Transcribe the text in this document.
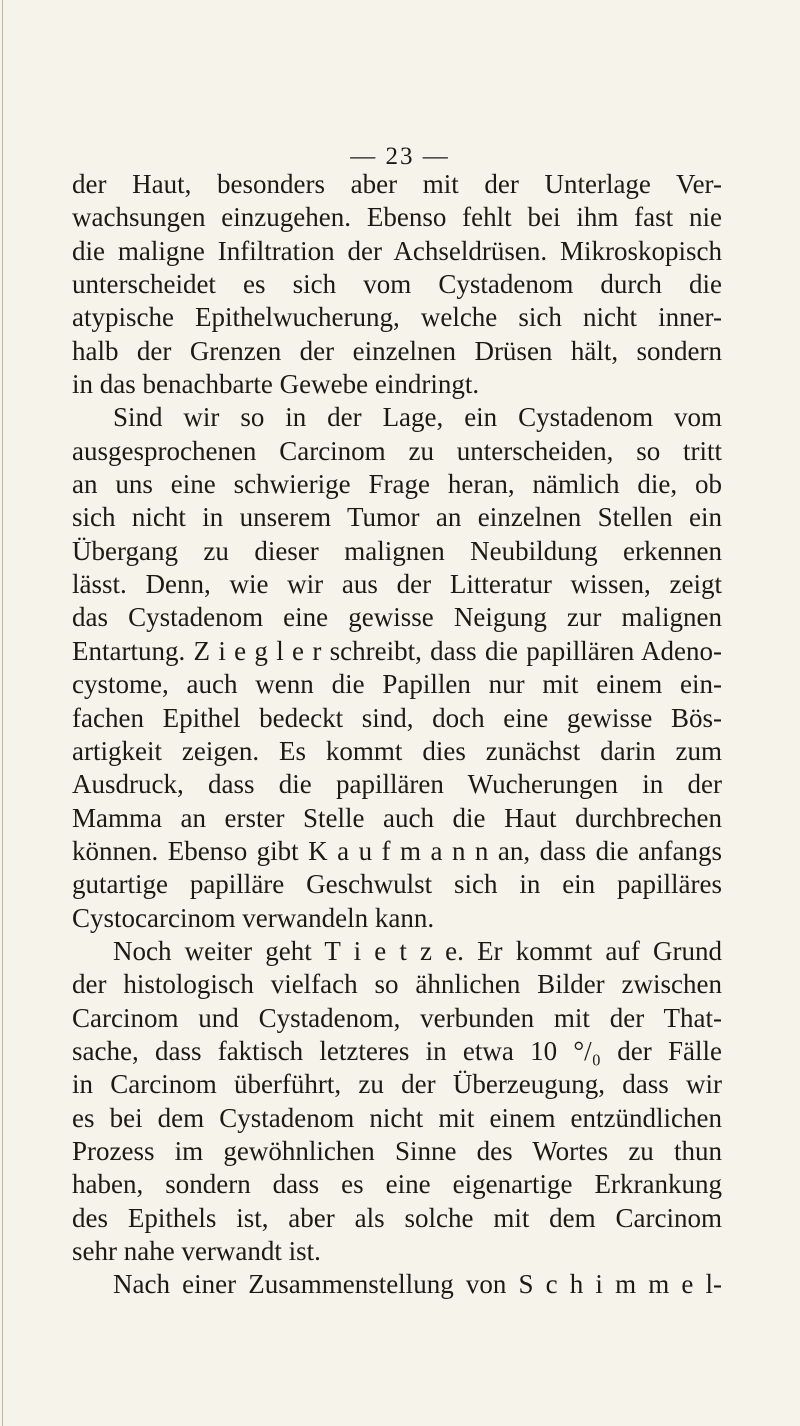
— 23 —
der Haut, besonders aber mit der Unterlage Ver-
wachsungen einzugehen. Ebenso fehlt bei ihm fast nie
die maligne Infiltration der Achseldrüsen. Mikroskopisch
unterscheidet es sich vom Cystadenom durch die
atypische Epithelwucherung, welche sich nicht inner-
halb der Grenzen der einzelnen Drüsen hält, sondern
in das benachbarte Gewebe eindringt.
Sind wir so in der Lage, ein Cystadenom vom
ausgesprochenen Carcinom zu unterscheiden, so tritt
an uns eine schwierige Frage heran, nämlich die, ob
sich nicht in unserem Tumor an einzelnen Stellen ein
Übergang zu dieser malignen Neubildung erkennen
lässt. Denn, wie wir aus der Litteratur wissen, zeigt
das Cystadenom eine gewisse Neigung zur malignen
Entartung. Z i e g l e r schreibt, dass die papillären Adeno-
cystome, auch wenn die Papillen nur mit einem ein-
fachen Epithel bedeckt sind, doch eine gewisse Bös-
artigkeit zeigen. Es kommt dies zunächst darin zum
Ausdruck, dass die papillären Wucherungen in der
Mamma an erster Stelle auch die Haut durchbrechen
können. Ebenso gibt K a u f m a n n an, dass die anfangs
gutartige papilläre Geschwulst sich in ein papilläres
Cystocarcinom verwandeln kann.
Noch weiter geht T i e t z e. Er kommt auf Grund
der histologisch vielfach so ähnlichen Bilder zwischen
Carcinom und Cystadenom, verbunden mit der That-
sache, dass faktisch letzteres in etwa 10 °/₀ der Fälle
in Carcinom überführt, zu der Überzeugung, dass wir
es bei dem Cystadenom nicht mit einem entzündlichen
Prozess im gewöhnlichen Sinne des Wortes zu thun
haben, sondern dass es eine eigenartige Erkrankung
des Epithels ist, aber als solche mit dem Carcinom
sehr nahe verwandt ist.
Nach einer Zusammenstellung von S c h i m m e l-
